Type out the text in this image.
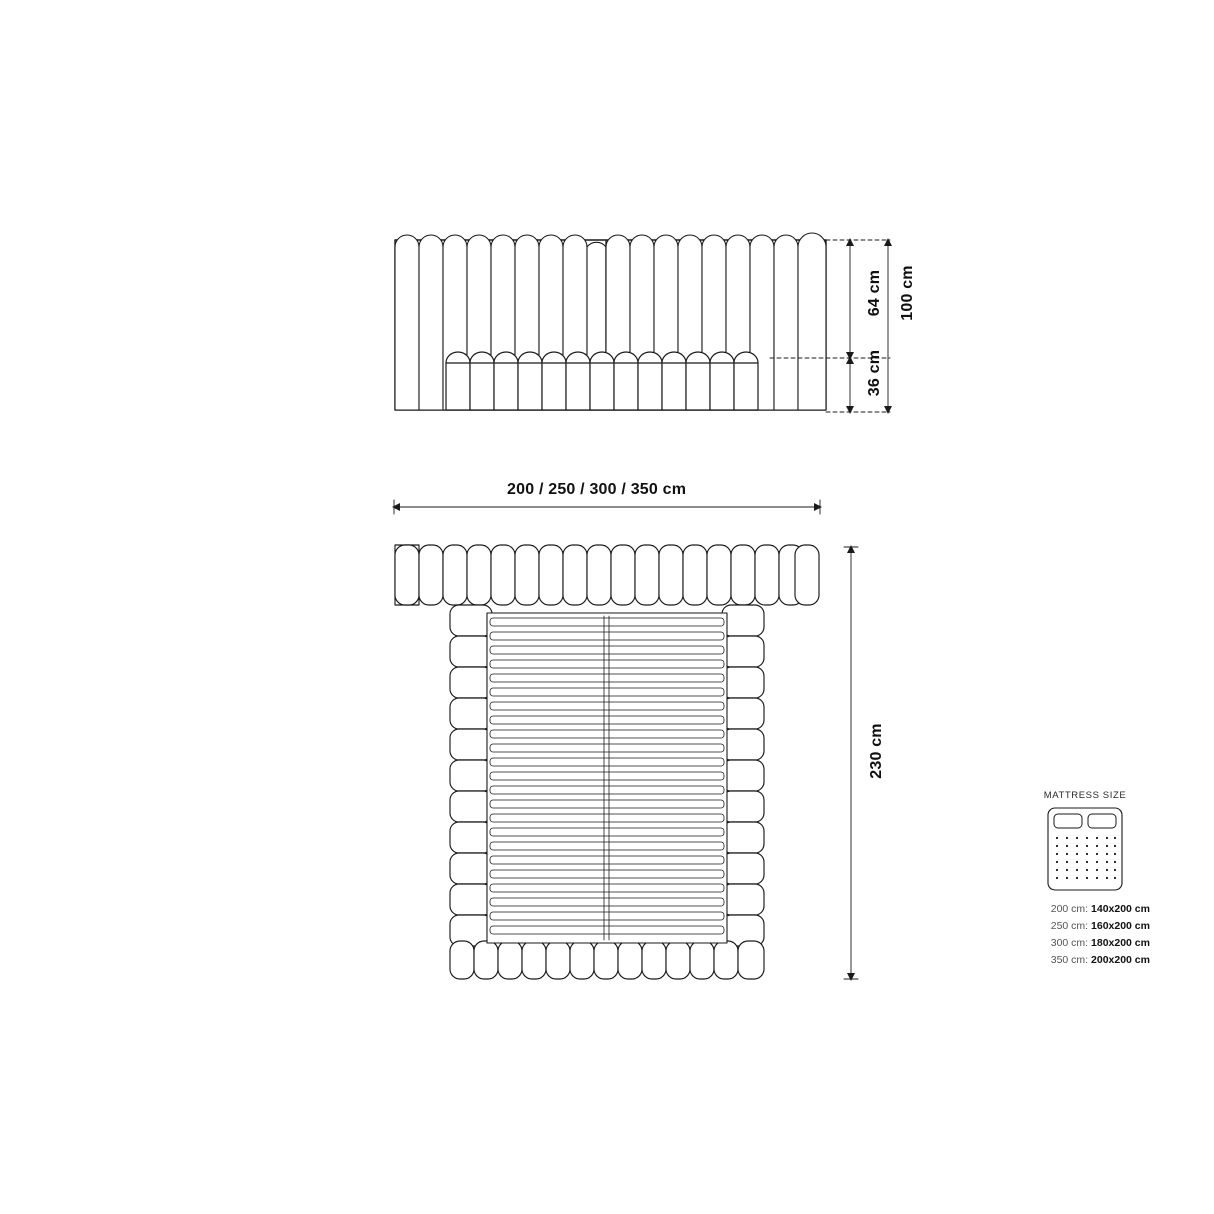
64 cm
36 cm
100 cm
200 / 250 / 300 / 350 cm
230 cm
MATTRESS SIZE
200 cm: 140x200 cm
250 cm: 160x200 cm
300 cm: 180x200 cm
350 cm: 200x200 cm
